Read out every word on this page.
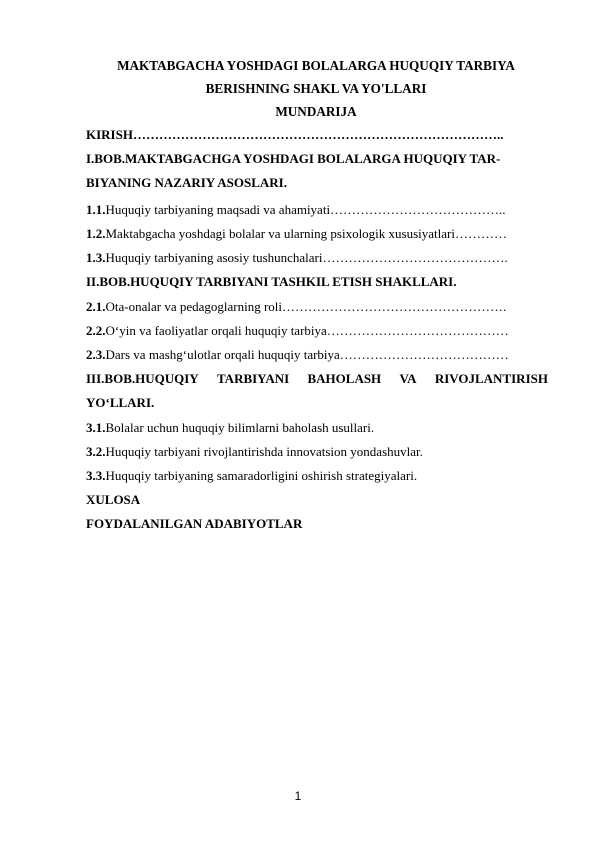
MAKTABGACHA YOSHDAGI BOLALARGA HUQUQIY TARBIYA
BERISHNING SHAKL VA YO'LLARI
MUNDARIJA
KIRISH…………………………………………………………………………..
I.BOB.MAKTABGACHGA YOSHDAGI BOLALARGA HUQUQIY TAR-
BIYANING NAZARIY ASOSLARI.
1.1.Huquqiy tarbiyaning maqsadi va ahamiyati…………………………………..
1.2.Maktabgacha yoshdagi bolalar va ularning psixologik xususiyatlari…………
1.3.Huquqiy tarbiyaning asosiy tushunchalari…………………………………….
II.BOB.HUQUQIY TARBIYANI TASHKIL ETISH SHAKLLARI.
2.1.Ota-onalar va pedagoglarning roli…………………………………………….
2.2.O‘yin va faoliyatlar orqali huquqiy tarbiya……………………………………
2.3.Dars va mashg‘ulotlar orqali huquqiy tarbiya…………………………………
III.BOB.HUQUQIY TARBIYANI BAHOLASH VA RIVOJLANTIRISH
YO‘LLARI.
3.1.Bolalar uchun huquqiy bilimlarni baholash usullari.
3.2.Huquqiy tarbiyani rivojlantirishda innovatsion yondashuvlar.
3.3.Huquqiy tarbiyaning samaradorligini oshirish strategiyalari.
XULOSA
FOYDALANILGAN ADABIYOTLAR
1
